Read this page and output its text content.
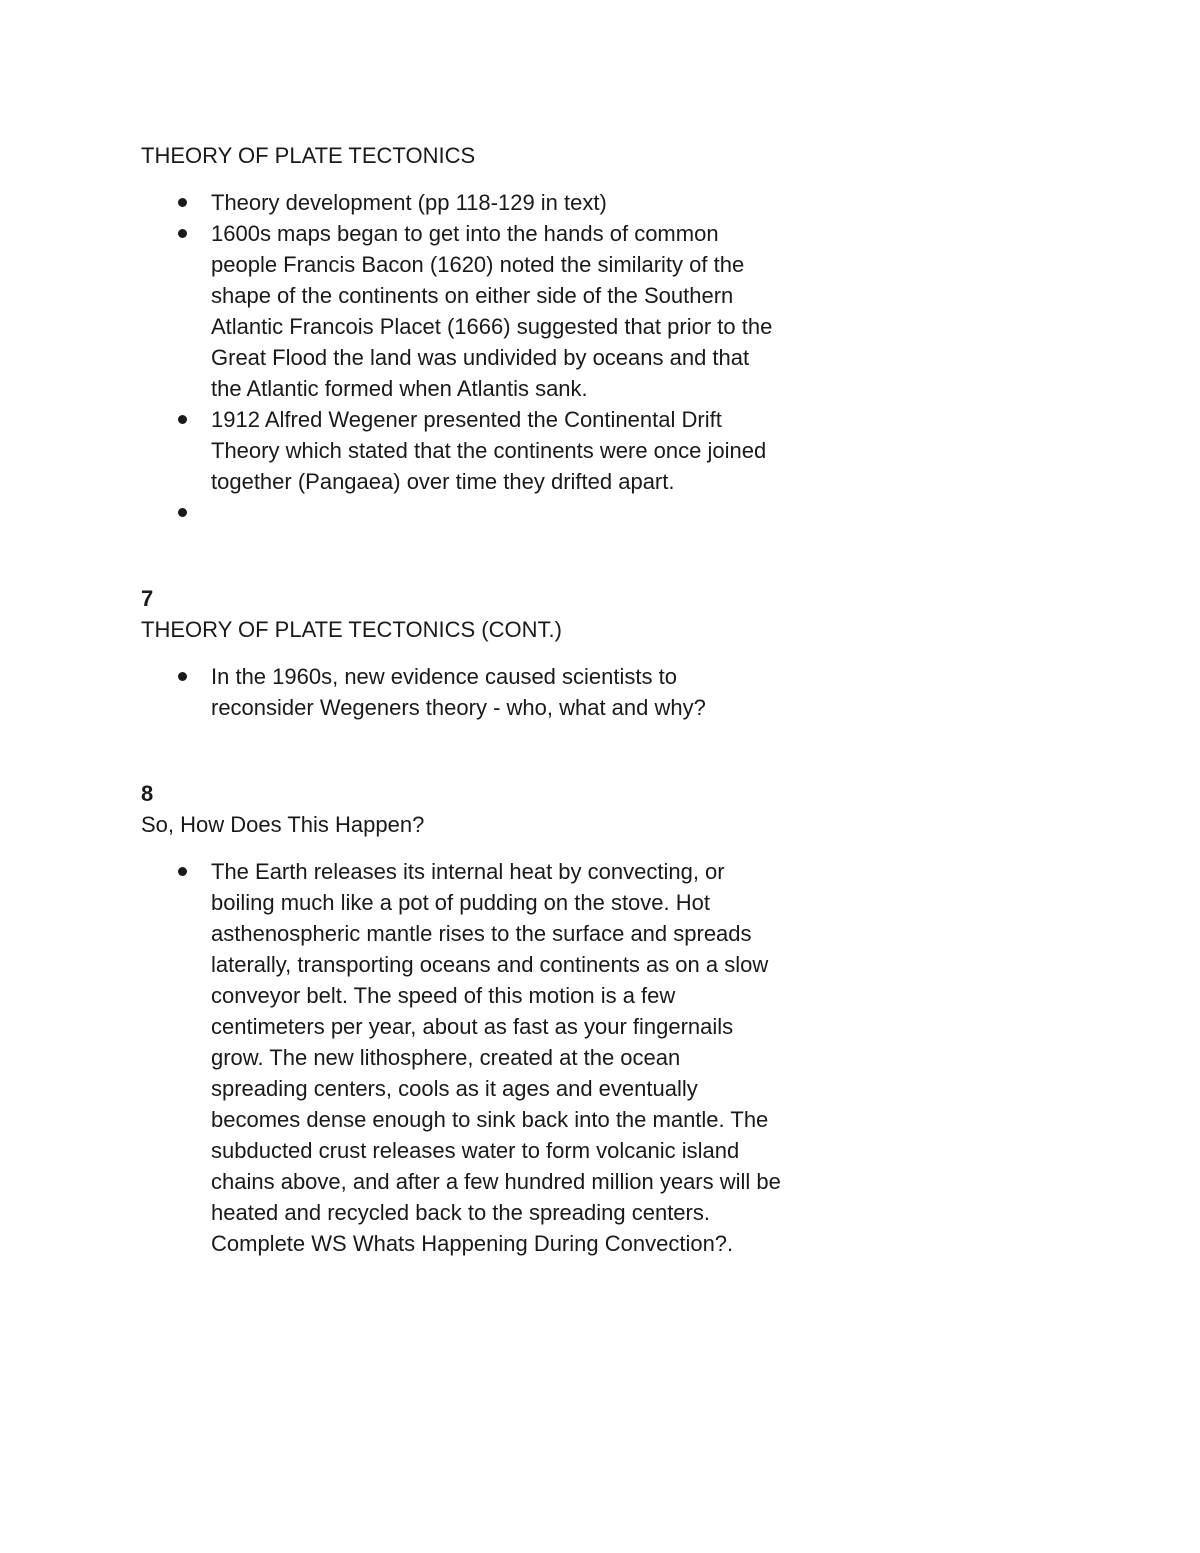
THEORY OF PLATE TECTONICS
Theory development (pp 118-129 in text)
1600s maps began to get into the hands of common people Francis Bacon (1620) noted the similarity of the shape of the continents on either side of the Southern Atlantic Francois Placet (1666) suggested that prior to the Great Flood the land was undivided by oceans and that the Atlantic formed when Atlantis sank.
1912 Alfred Wegener presented the Continental Drift Theory which stated that the continents were once joined together (Pangaea) over time they drifted apart.

7

THEORY OF PLATE TECTONICS (CONT.)
In the 1960s, new evidence caused scientists to reconsider Wegeners theory - who, what and why?

8

So, How Does This Happen?
The Earth releases its internal heat by convecting, or boiling much like a pot of pudding on the stove. Hot asthenospheric mantle rises to the surface and spreads laterally, transporting oceans and continents as on a slow conveyor belt. The speed of this motion is a few centimeters per year, about as fast as your fingernails grow. The new lithosphere, created at the ocean spreading centers, cools as it ages and eventually becomes dense enough to sink back into the mantle. The subducted crust releases water to form volcanic island chains above, and after a few hundred million years will be heated and recycled back to the spreading centers. Complete WS Whats Happening During Convection?.
